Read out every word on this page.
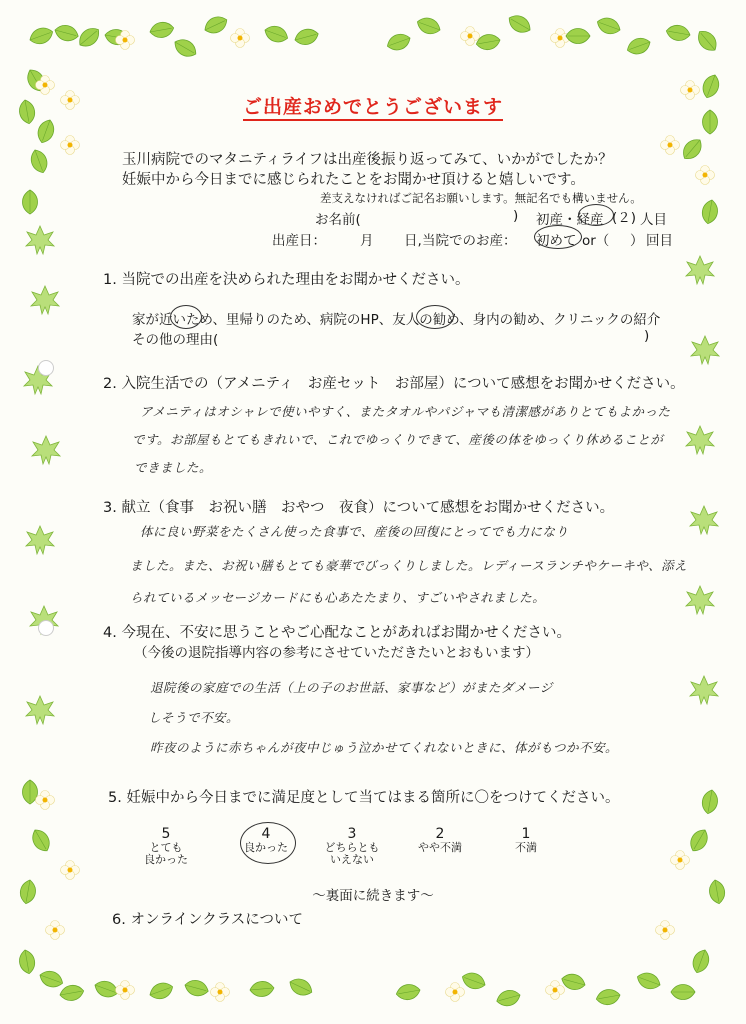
ご出産おめでとうございます
玉川病院でのマタニティライフは出産後振り返ってみて、いかがでしたか？
妊娠中から今日までに感じられたことをお聞かせ頂けると嬉しいです。
差支えなければご記名お願いします。無記名でも構いません。
お名前(	) 初産・経産 (２) 人目
出産日：	月 日, 当院でのお産： 初めて or（ ） 回目
1. 当院での出産を決められた理由をお聞かせください。
家が近いため、里帰りのため、病院のHP、友人の勧め、身内の勧め、クリニックの紹介
その他の理由(	)
2. 入院生活での（アメニティ　お産セット　お部屋）について感想をお聞かせください。
アメニティはオシャレで使いやすく、またタオルやパジャマも清潔感がありとてもよかった
です。お部屋もとてもきれいで、これでゆっくりできて、産後の体をゆっくり休めることが
できました。
3. 献立（食事　お祝い膳　おやつ　夜食）について感想をお聞かせください。
体に良い野菜をたくさん使った食事で、産後の回復にとってでも力になり
ました。また、お祝い膳もとても豪華でびっくりしました。レディースランチやケーキや、添え
られているメッセージカードにも心あたたまり、すごいやされました。
4. 今現在、不安に思うことやご心配なことがあればお聞かせください。
（今後の退院指導内容の参考にさせていただきたいとおもいます）
退院後の家庭での生活（上の子のお世話、家事など）がまたダメージ
しそうで不安。
昨夜のように赤ちゃんが夜中じゅう泣かせてくれないときに、体がもつか不安。
5. 妊娠中から今日までに満足度として当てはまる箇所に〇をつけてください。
5
とても
良かった
4
良かった

3
どちらとも
いえない
2
やや不満

1
不満

〜裏面に続きます〜
6. オンラインクラスについて
